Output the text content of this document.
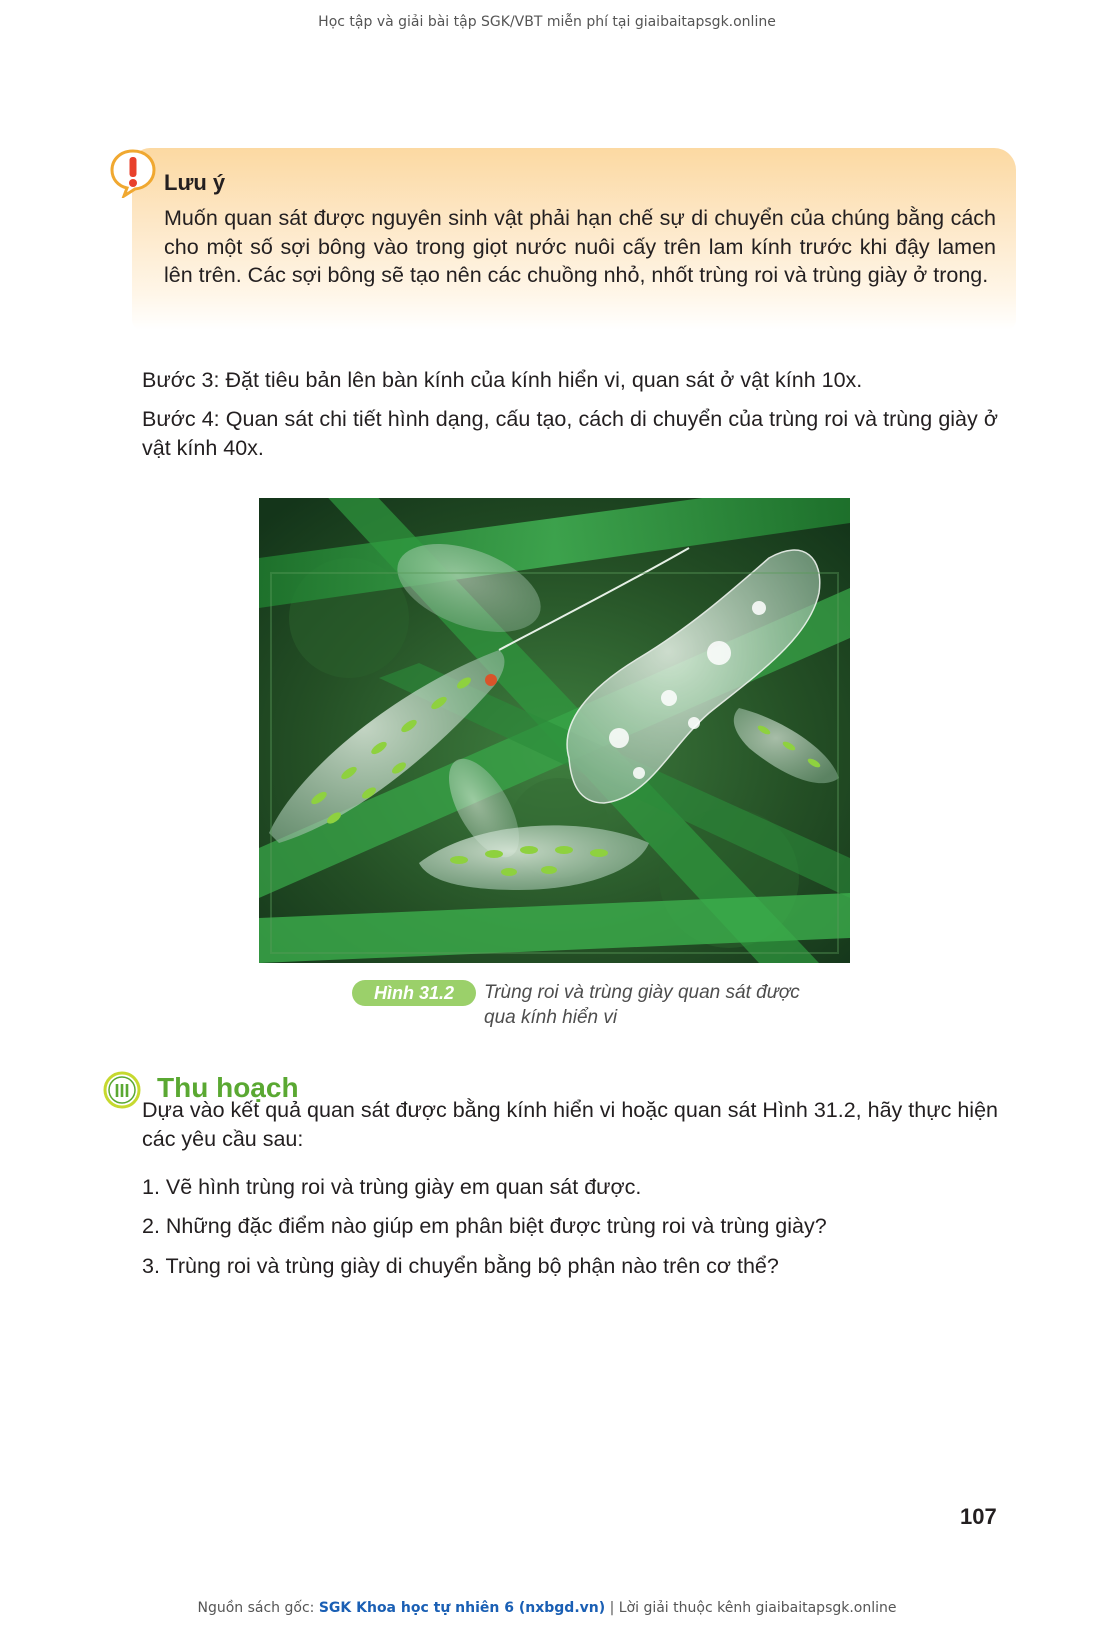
Học tập và giải bài tập SGK/VBT miễn phí tại giaibaitapsgk.online
Lưu ý
Muốn quan sát được nguyên sinh vật phải hạn chế sự di chuyển của chúng bằng cách cho một số sợi bông vào trong giọt nước nuôi cấy trên lam kính trước khi đậy lamen lên trên. Các sợi bông sẽ tạo nên các chuồng nhỏ, nhốt trùng roi và trùng giày ở trong.
Bước 3: Đặt tiêu bản lên bàn kính của kính hiển vi, quan sát ở vật kính 10x.
Bước 4: Quan sát chi tiết hình dạng, cấu tạo, cách di chuyển của trùng roi và trùng giày ở vật kính 40x.
Hình 31.2	Trùng roi và trùng giày quan sát được qua kính hiển vi
III Thu hoạch
Dựa vào kết quả quan sát được bằng kính hiển vi hoặc quan sát Hình 31.2, hãy thực hiện các yêu cầu sau:
1. Vẽ hình trùng roi và trùng giày em quan sát được.
2. Những đặc điểm nào giúp em phân biệt được trùng roi và trùng giày?
3. Trùng roi và trùng giày di chuyển bằng bộ phận nào trên cơ thể?
107
Nguồn sách gốc: SGK Khoa học tự nhiên 6 (nxbgd.vn) | Lời giải thuộc kênh giaibaitapsgk.online
